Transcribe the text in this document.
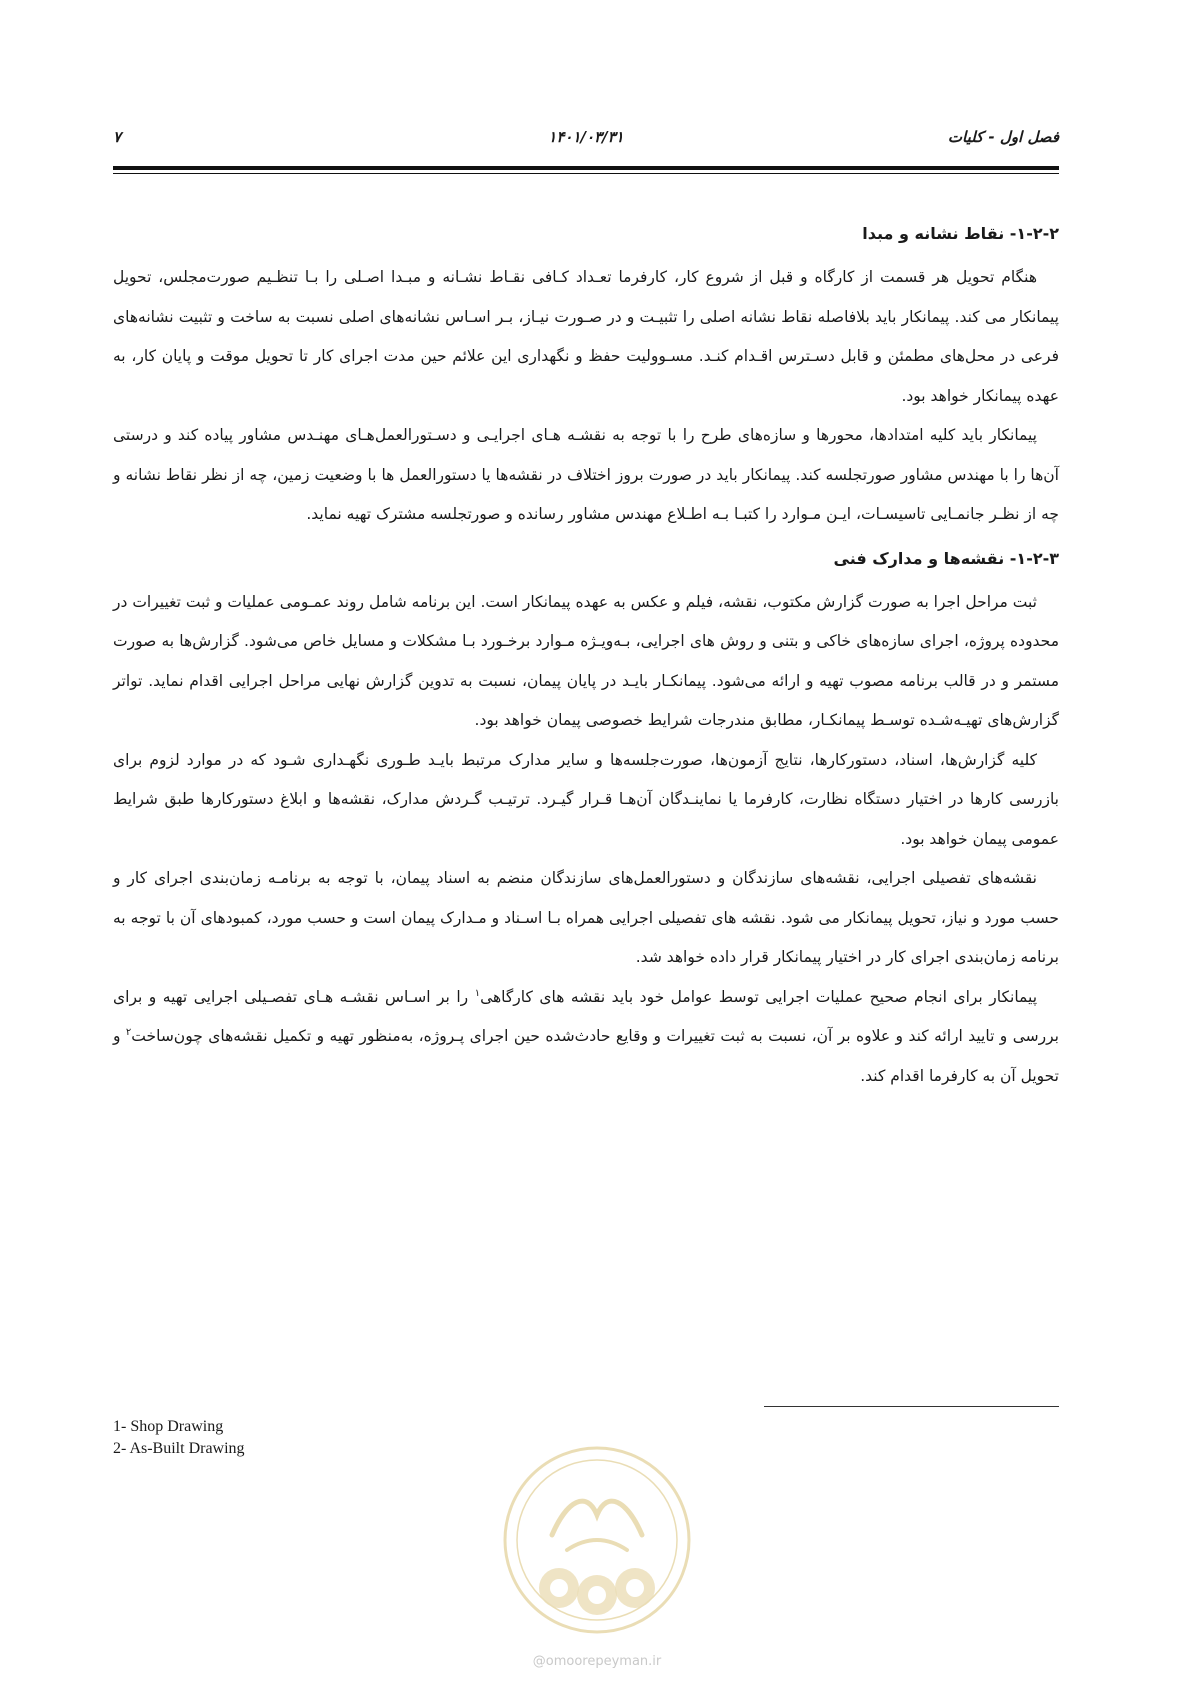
فصل اول - کلیات
۱۴۰۱/۰۳/۳۱
۷
۱-۲-۲- نقاط نشانه و مبدا

هنگام تحویل هر قسمت از کارگاه و قبل از شروع کار، کارفرما تعـداد کـافی نقـاط نشـانه و مبـدا اصـلی را بـا تنظـیم صورت‌مجلس، تحویل پیمانکار می کند. پیمانکار باید بلافاصله نقاط نشانه اصلی را تثبیـت و در صـورت نیـاز، بـر اسـاس نشانه‌های اصلی نسبت به ساخت و تثبیت نشانه‌های فرعی در محل‌های مطمئن و قابل دسـترس اقـدام کنـد. مسـوولیت حفظ و نگهداری این علائم حین مدت اجرای کار تا تحویل موقت و پایان کار، به عهده پیمانکار خواهد بود.

پیمانکار باید کلیه امتدادها، محورها و سازه‌های طرح را با توجه به نقشـه هـای اجرایـی و دسـتورالعمل‌هـای مهنـدس مشاور پیاده کند و درستی آن‌ها را با مهندس مشاور صورتجلسه کند. پیمانکار باید در صورت بروز اختلاف در نقشه‌ها یا دستورالعمل ها با وضعیت زمین، چه از نظر نقاط نشانه و چه از نظـر جانمـایی تاسیسـات، ایـن مـوارد را کتبـا بـه اطـلاع مهندس مشاور رسانده و صورتجلسه مشترک تهیه نماید.

۱-۲-۳- نقشه‌ها و مدارک فنی

ثبت مراحل اجرا به صورت گزارش مکتوب، نقشه، فیلم و عکس به عهده پیمانکار است. این برنامه شامل روند عمـومی عملیات و ثبت تغییرات در محدوده پروژه، اجرای سازه‌های خاکی و بتنی و روش های اجرایی، بـه‌ویـژه مـوارد برخـورد بـا مشکلات و مسایل خاص می‌شود. گزارش‌ها به صورت مستمر و در قالب برنامه مصوب تهیه و ارائه می‌شود. پیمانکـار بایـد در پایان پیمان، نسبت به تدوین گزارش نهایی مراحل اجرایی اقدام نماید. تواتر گزارش‌های تهیـه‌شـده توسـط پیمانکـار، مطابق مندرجات شرایط خصوصی پیمان خواهد بود.

کلیه گزارش‌ها، اسناد، دستورکارها، نتایج آزمون‌ها، صورت‌جلسه‌ها و سایر مدارک مرتبط بایـد طـوری نگهـداری شـود که در موارد لزوم برای بازرسی کارها در اختیار دستگاه نظارت، کارفرما یا نماینـدگان آن‌هـا قـرار گیـرد. ترتیـب گـردش مدارک، نقشه‌ها و ابلاغ دستورکارها طبق شرایط عمومی پیمان خواهد بود.

نقشه‌های تفصیلی اجرایی، نقشه‌های سازندگان و دستورالعمل‌های سازندگان منضم به اسناد پیمان، با توجه به برنامـه زمان‌بندی اجرای کار و حسب مورد و نیاز، تحویل پیمانکار می شود. نقشه های تفصیلی اجرایی همراه بـا اسـناد و مـدارک پیمان است و حسب مورد، کمبودهای آن با توجه به برنامه زمان‌بندی اجرای کار در اختیار پیمانکار قرار داده خواهد شد.

پیمانکار برای انجام صحیح عملیات اجرایی توسط عوامل خود باید نقشه های کارگاهی$^۱$ را بر اسـاس نقشـه هـای تفصـیلی اجرایی تهیه و برای بررسی و تایید ارائه کند و علاوه بر آن، نسبت به ثبت تغییرات و وقایع حادث‌شده حین اجرای پـروژه، به‌منظور تهیه و تکمیل نقشه‌های چون‌ساخت$^۲$ و تحویل آن به کارفرما اقدام کند.

1- Shop Drawing
2- As-Built Drawing
@omoorepeyman.ir
